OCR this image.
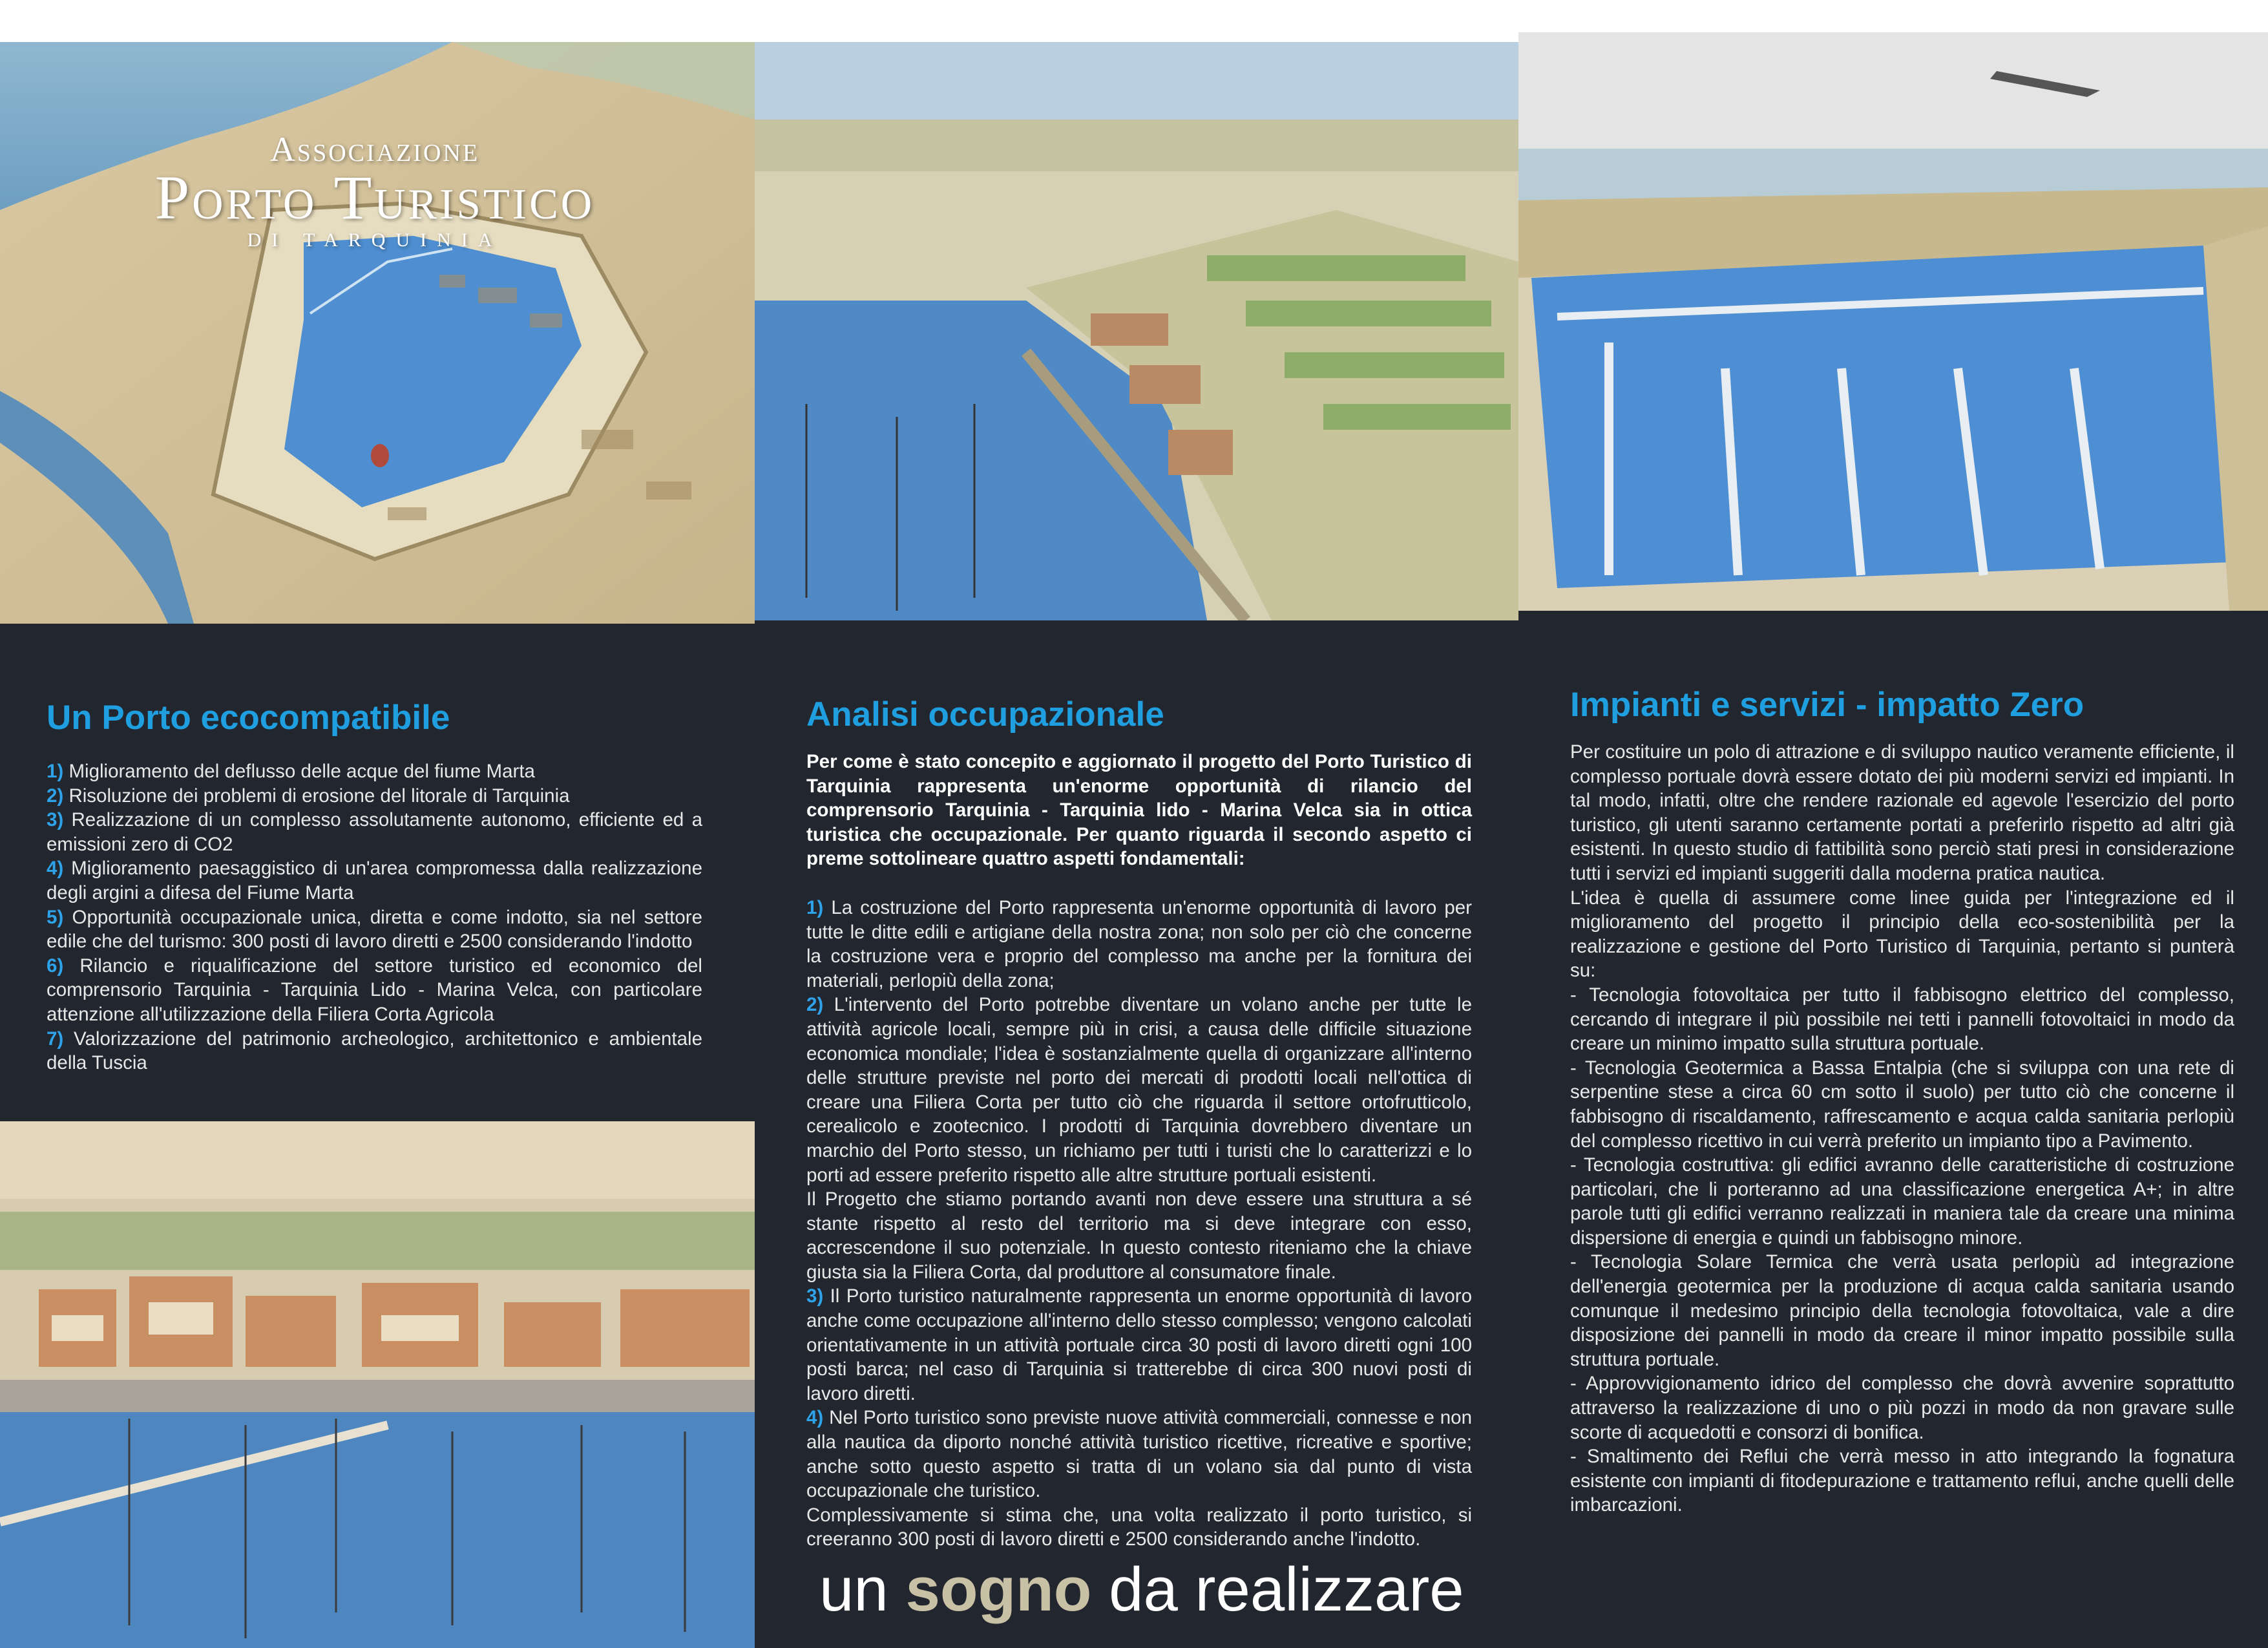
Associazione
Porto Turistico
DI TARQUINIA
Un Porto ecocompatibile

1) Miglioramento del deflusso delle acque del fiume Marta

2) Risoluzione dei problemi di erosione del litorale di Tarquinia

3) Realizzazione di un complesso assolutamente autonomo, efficiente ed a emissioni zero di CO2

4) Miglioramento paesaggistico di un'area compromessa dalla realizzazione degli argini a difesa del Fiume Marta

5) Opportunità occupazionale unica, diretta e come indotto, sia nel settore edile che del turismo: 300 posti di lavoro diretti e 2500 considerando l'indotto

6) Rilancio e riqualificazione del settore turistico ed economico del comprensorio Tarquinia - Tarquinia Lido - Marina Velca, con particolare attenzione all'utilizzazione della Filiera Corta Agricola

7) Valorizzazione del patrimonio archeologico, architettonico e ambientale della Tuscia

Analisi occupazionale

Per come è stato concepito e aggiornato il progetto del Porto Turistico di Tarquinia rappresenta un'enorme opportunità di rilancio del comprensorio Tarquinia - Tarquinia lido - Marina Velca sia in ottica turistica che occupazionale. Per quanto riguarda il secondo aspetto ci preme sottolineare quattro aspetti fondamentali:

1) La costruzione del Porto rappresenta un'enorme opportunità di lavoro per tutte le ditte edili e artigiane della nostra zona; non solo per ciò che concerne la costruzione vera e proprio del complesso ma anche per la fornitura dei materiali, perlopiù della zona;

2) L'intervento del Porto potrebbe diventare un volano anche per tutte le attività agricole locali, sempre più in crisi, a causa delle difficile situazione economica mondiale; l'idea è sostanzialmente quella di organizzare all'interno delle strutture previste nel porto dei mercati di prodotti locali nell'ottica di creare una Filiera Corta per tutto ciò che riguarda il settore ortofrutticolo, cerealicolo e zootecnico. I prodotti di Tarquinia dovrebbero diventare un marchio del Porto stesso, un richiamo per tutti i turisti che lo caratterizzi e lo porti ad essere preferito rispetto alle altre strutture portuali esistenti.

Il Progetto che stiamo portando avanti non deve essere una struttura a sé stante rispetto al resto del territorio ma si deve integrare con esso, accrescendone il suo potenziale. In questo contesto riteniamo che la chiave giusta sia la Filiera Corta, dal produttore al consumatore finale.

3) Il Porto turistico naturalmente rappresenta un enorme opportunità di lavoro anche come occupazione all'interno dello stesso complesso; vengono calcolati orientativamente in un attività portuale circa 30 posti di lavoro diretti ogni 100 posti barca; nel caso di Tarquinia si tratterebbe di circa 300 nuovi posti di lavoro diretti.

4) Nel Porto turistico sono previste nuove attività commerciali, connesse e non alla nautica da diporto nonché attività turistico ricettive, ricreative e sportive; anche sotto questo aspetto si tratta di un volano sia dal punto di vista occupazionale che turistico.

Complessivamente si stima che, una volta realizzato il porto turistico, si creeranno 300 posti di lavoro diretti e 2500 considerando anche l'indotto.

un sogno da realizzare
Impianti e servizi - impatto Zero

Per costituire un polo di attrazione e di sviluppo nautico veramente efficiente, il complesso portuale dovrà essere dotato dei più moderni servizi ed impianti. In tal modo, infatti, oltre che rendere razionale ed agevole l'esercizio del porto turistico, gli utenti saranno certamente portati a preferirlo rispetto ad altri già esistenti. In questo studio di fattibilità sono perciò stati presi in considerazione tutti i servizi ed impianti suggeriti dalla moderna pratica nautica.

L'idea è quella di assumere come linee guida per l'integrazione ed il miglioramento del progetto il principio della eco-sostenibilità per la realizzazione e gestione del Porto Turistico di Tarquinia, pertanto si punterà su:

- Tecnologia fotovoltaica per tutto il fabbisogno elettrico del complesso, cercando di integrare il più possibile nei tetti i pannelli fotovoltaici in modo da creare un minimo impatto sulla struttura portuale.

- Tecnologia Geotermica a Bassa Entalpia (che si sviluppa con una rete di serpentine stese a circa 60 cm sotto il suolo) per tutto ciò che concerne il fabbisogno di riscaldamento, raffrescamento e acqua calda sanitaria perlopiù del complesso ricettivo in cui verrà preferito un impianto tipo a Pavimento.

- Tecnologia costruttiva: gli edifici avranno delle caratteristiche di costruzione particolari, che li porteranno ad una classificazione energetica A+; in altre parole tutti gli edifici verranno realizzati in maniera tale da creare una minima dispersione di energia e quindi un fabbisogno minore.

- Tecnologia Solare Termica che verrà usata perlopiù ad integrazione dell'energia geotermica per la produzione di acqua calda sanitaria usando comunque il medesimo principio della tecnologia fotovoltaica, vale a dire disposizione dei pannelli in modo da creare il minor impatto possibile sulla struttura portuale.

- Approvvigionamento idrico del complesso che dovrà avvenire soprattutto attraverso la realizzazione di uno o più pozzi in modo da non gravare sulle scorte di acquedotti e consorzi di bonifica.

- Smaltimento dei Reflui che verrà messo in atto integrando la fognatura esistente con impianti di fitodepurazione e trattamento reflui, anche quelli delle imbarcazioni.
